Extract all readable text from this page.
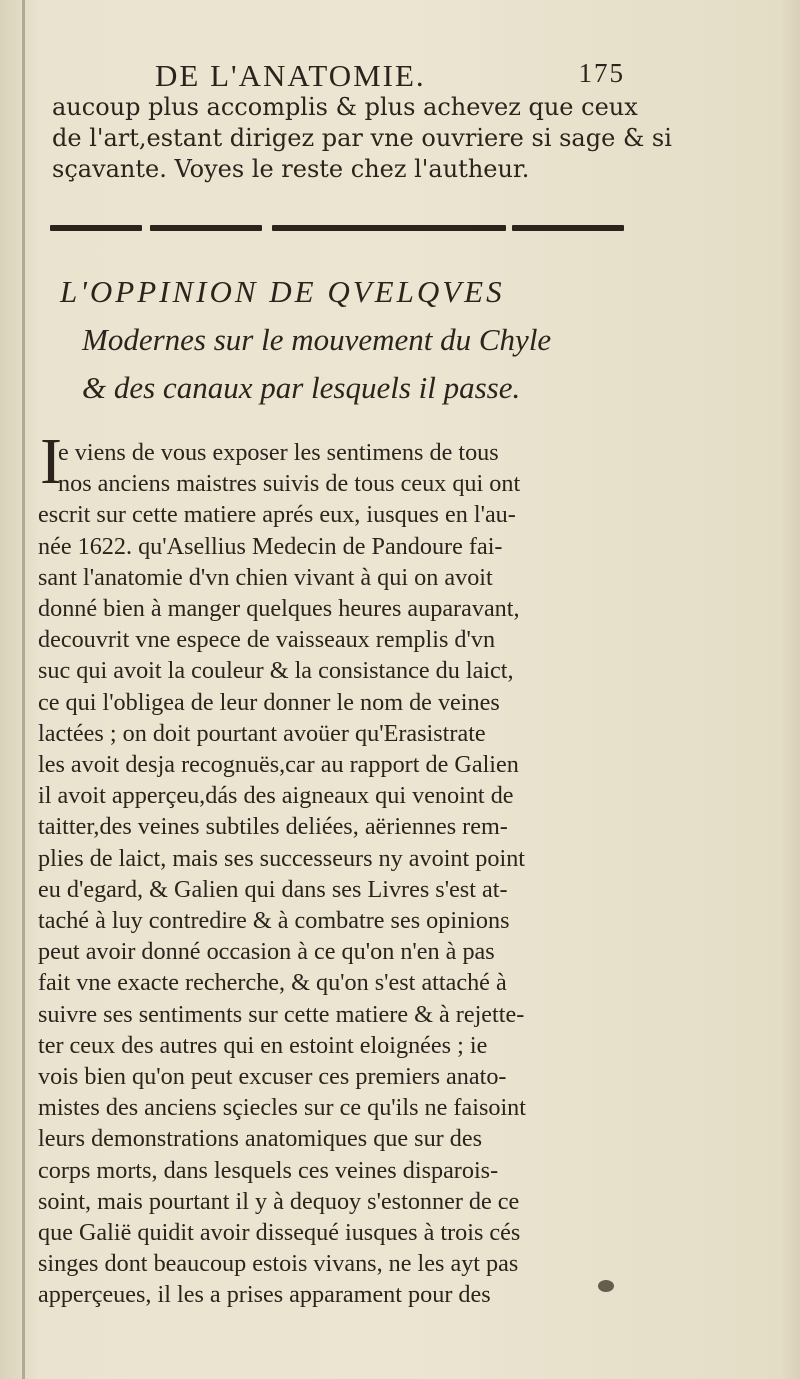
DE L'ANATOMIE.	175
aucoup plus accomplis & plus achevez que ceux
de l'art,estant dirigez par vne ouvriere si sage & si
sçavante. Voyes le reste chez l'autheur.
L'OPPINION DE QVELQVES
Modernes sur le mouvement du Chyle
& des canaux par lesquels il passe.
I
e viens de vous exposer les sentimens de tous
nos anciens maistres suivis de tous ceux qui ont
escrit sur cette matiere aprés eux, iusques en l'au-
née 1622. qu'Asellius Medecin de Pandoure fai-
sant l'anatomie d'vn chien vivant à qui on avoit
donné bien à manger quelques heures auparavant,
decouvrit vne espece de vaisseaux remplis d'vn
suc qui avoit la couleur & la consistance du laict,
ce qui l'obligea de leur donner le nom de veines
lactées ; on doit pourtant avoüer qu'Erasistrate
les avoit desja recognuës,car au rapport de Galien
il avoit apperçeu,dás des aigneaux qui venoint de
taitter,des veines subtiles deliées, aëriennes rem-
plies de laict, mais ses successeurs ny avoint point
eu d'egard, & Galien qui dans ses Livres s'est at-
taché à luy contredire & à combatre ses opinions
peut avoir donné occasion à ce qu'on n'en à pas
fait vne exacte recherche, & qu'on s'est attaché à
suivre ses sentiments sur cette matiere & à rejette-
ter ceux des autres qui en estoint eloignées ; ie
vois bien qu'on peut excuser ces premiers anato-
mistes des anciens sçiecles sur ce qu'ils ne faisoint
leurs demonstrations anatomiques que sur des
corps morts, dans lesquels ces veines disparois-
soint, mais pourtant il y à dequoy s'estonner de ce
que Galië quidit avoir dissequé iusques à trois cés
singes dont beaucoup estois vivans, ne les ayt pas
apperçeues, il les a prises apparament pour des
